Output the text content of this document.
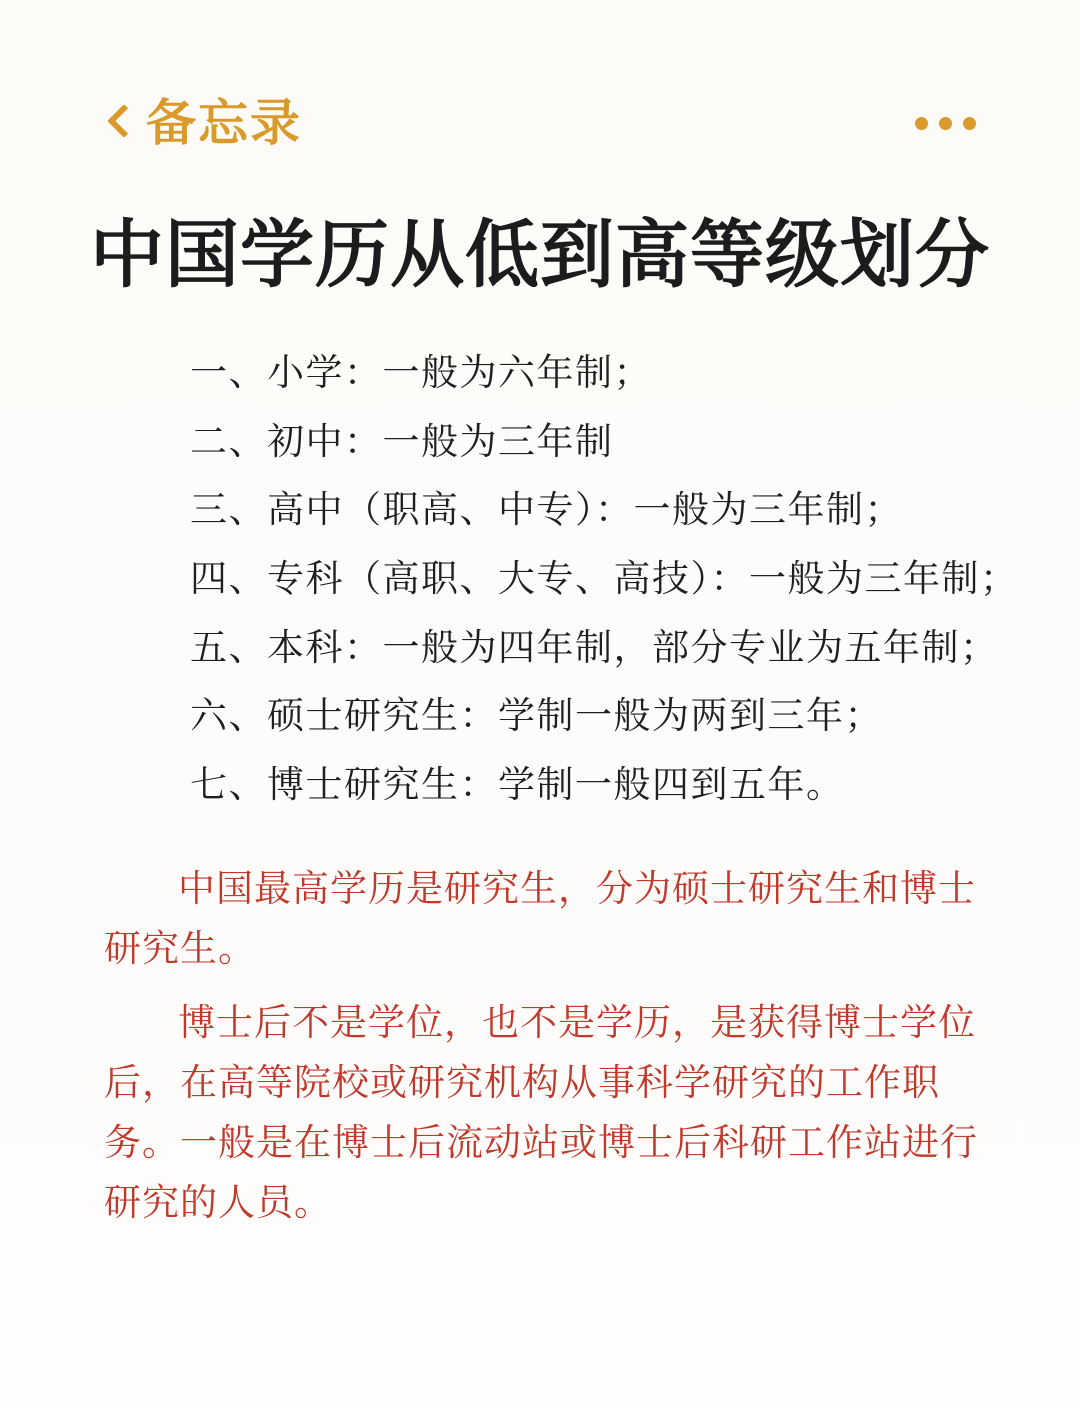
备忘录
中国学历从低到高等级划分
一、小学：一般为六年制；
二、初中：一般为三年制
三、高中（职高、中专）：一般为三年制；
四、专科（高职、大专、高技）：一般为三年制；
五、本科：一般为四年制，部分专业为五年制；
六、硕士研究生：学制一般为两到三年；
七、博士研究生：学制一般四到五年。
中国最高学历是研究生，分为硕士研究生和博士研究生。
博士后不是学位，也不是学历，是获得博士学位后，在高等院校或研究机构从事科学研究的工作职务。一般是在博士后流动站或博士后科研工作站进行研究的人员。
